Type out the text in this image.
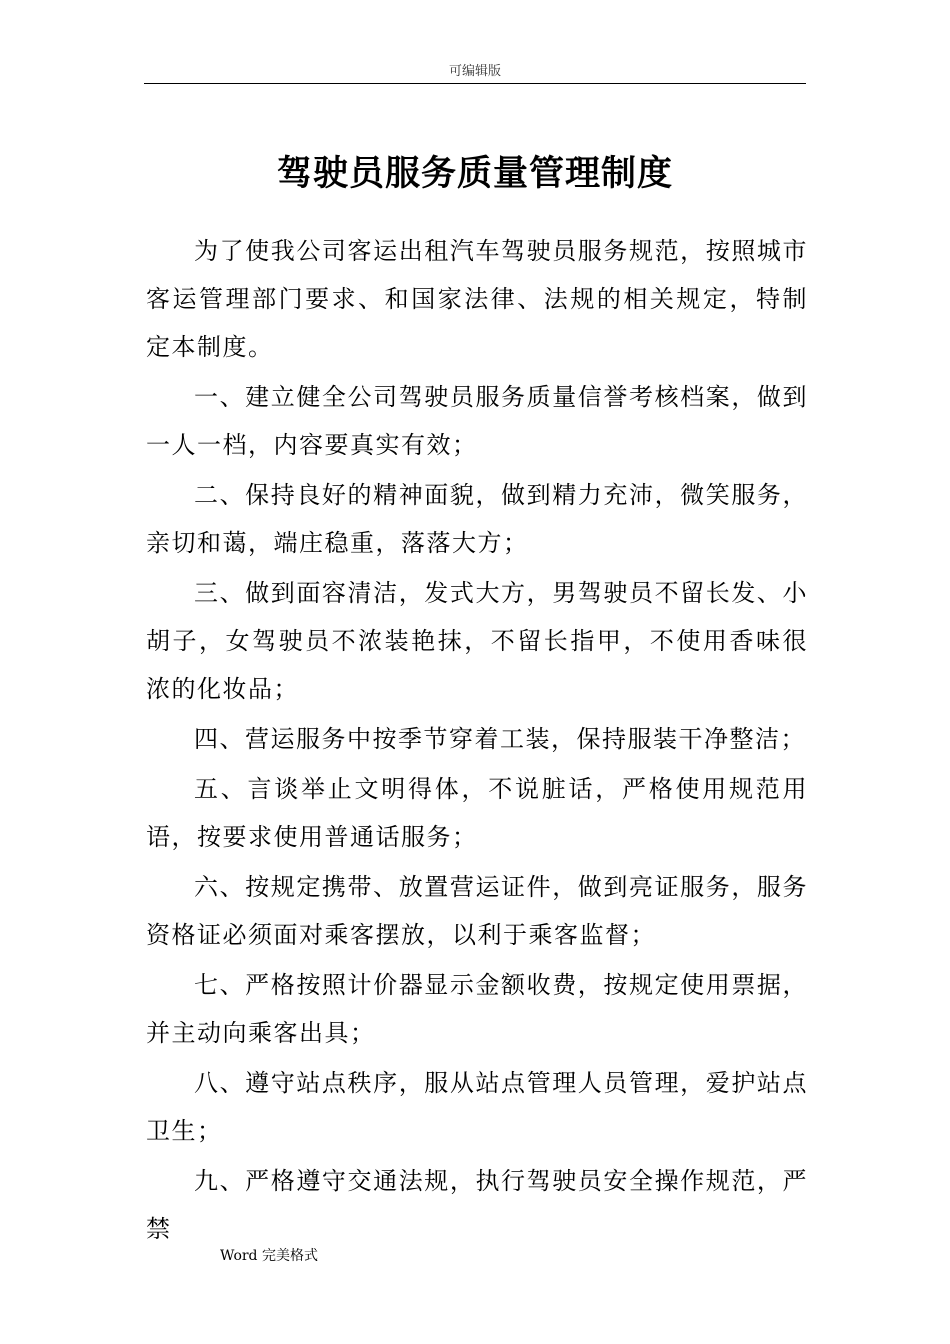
可编辑版
驾驶员服务质量管理制度

为了使我公司客运出租汽车驾驶员服务规范，按照城市客运管理部门要求、和国家法律、法规的相关规定，特制定本制度。

一、建立健全公司驾驶员服务质量信誉考核档案，做到一人一档，内容要真实有效；

二、保持良好的精神面貌，做到精力充沛，微笑服务，亲切和蔼，端庄稳重，落落大方；

三、做到面容清洁，发式大方，男驾驶员不留长发、小胡子，女驾驶员不浓装艳抹，不留长指甲，不使用香味很浓的化妆品；

四、营运服务中按季节穿着工装，保持服装干净整洁；

五、言谈举止文明得体，不说脏话，严格使用规范用语，按要求使用普通话服务；

六、按规定携带、放置营运证件，做到亮证服务，服务资格证必须面对乘客摆放，以利于乘客监督；

七、严格按照计价器显示金额收费，按规定使用票据，并主动向乘客出具；

八、遵守站点秩序，服从站点管理人员管理，爱护站点卫生；

九、严格遵守交通法规，执行驾驶员安全操作规范，严禁

Word 完美格式
